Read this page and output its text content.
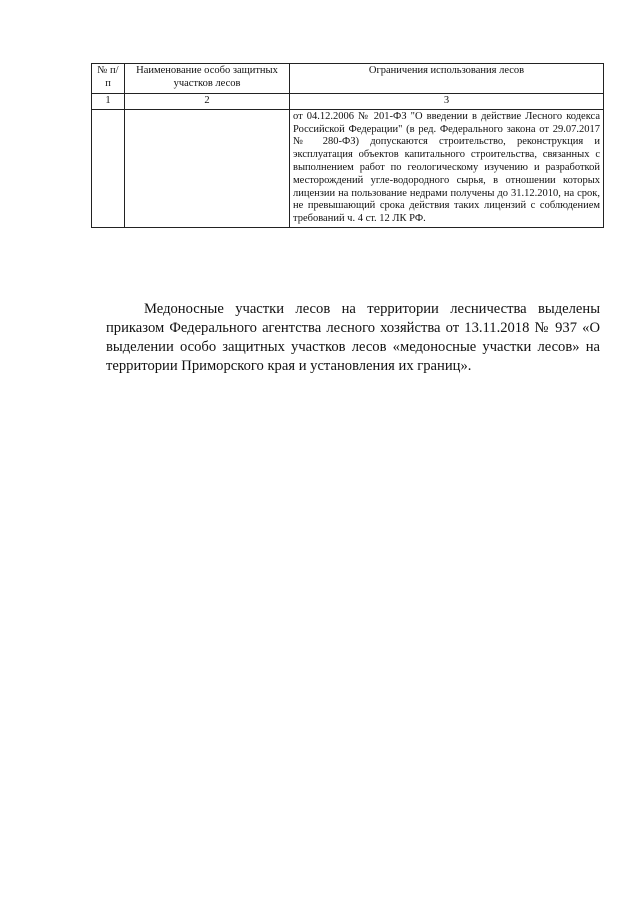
№ п/п	Наименование особо защитных участков лесов	Ограничения использования лесов
1	2	3
		от 04.12.2006 № 201-ФЗ "О введении в действие Лесного кодекса Российской Федерации" (в ред. Федерального закона от 29.07.2017 № 280-ФЗ) допускаются строительство, реконструкция и эксплуатация объектов капитального строительства, связанных с выполнением работ по геологическому изучению и разработкой месторождений угле-водородного сырья, в отношении которых лицензии на пользование недрами получены до 31.12.2010, на срок, не превышающий срока действия таких лицензий с соблюдением требований ч. 4 ст. 12 ЛК РФ.

Медоносные участки лесов на территории лесничества выделены приказом Федерального агентства лесного хозяйства от 13.11.2018 № 937 «О выделении особо защитных участков лесов «медоносные участки лесов» на территории Приморского края и установления их границ».
